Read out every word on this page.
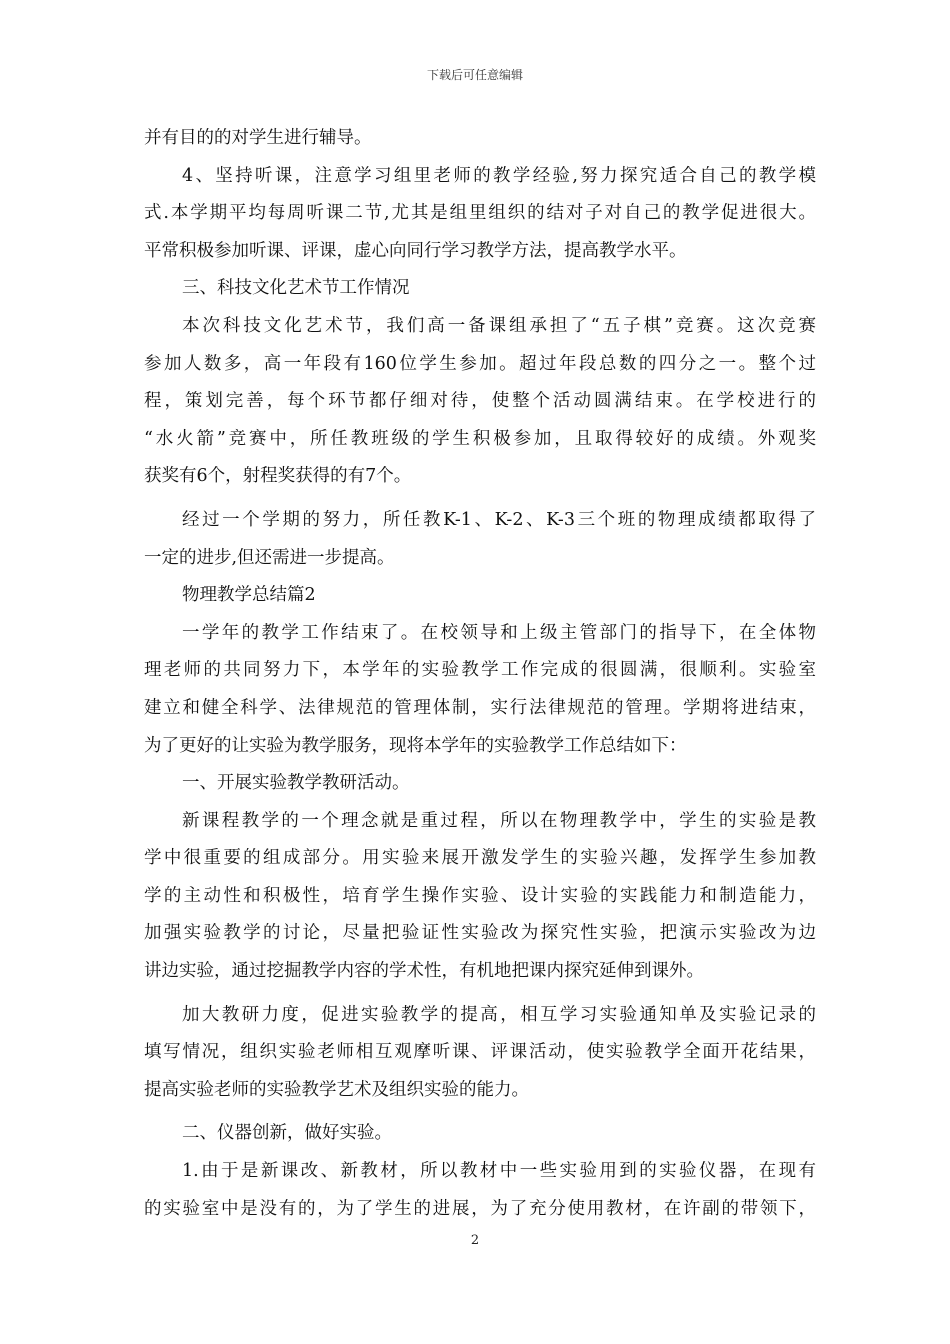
下载后可任意编辑
并有目的的对学生进行辅导。
4、坚持听课，注意学习组里老师的教学经验,努力探究适合自己的教学模
式.本学期平均每周听课二节,尤其是组里组织的结对子对自己的教学促进很大。
平常积极参加听课、评课，虚心向同行学习教学方法，提高教学水平。
三、科技文化艺术节工作情况
本次科技文化艺术节，我们高一备课组承担了“五子棋”竞赛。这次竞赛
参加人数多，高一年段有160位学生参加。超过年段总数的四分之一。整个过
程，策划完善，每个环节都仔细对待，使整个活动圆满结束。在学校进行的
“水火箭”竞赛中，所任教班级的学生积极参加，且取得较好的成绩。外观奖
获奖有6个，射程奖获得的有7个。
经过一个学期的努力，所任教K-1、K-2、K-3三个班的物理成绩都取得了
一定的进步,但还需进一步提高。
物理教学总结篇2
一学年的教学工作结束了。在校领导和上级主管部门的指导下，在全体物
理老师的共同努力下，本学年的实验教学工作完成的很圆满，很顺利。实验室
建立和健全科学、法律规范的管理体制，实行法律规范的管理。学期将进结束，
为了更好的让实验为教学服务，现将本学年的实验教学工作总结如下：
一、开展实验教学教研活动。
新课程教学的一个理念就是重过程，所以在物理教学中，学生的实验是教
学中很重要的组成部分。用实验来展开激发学生的实验兴趣，发挥学生参加教
学的主动性和积极性，培育学生操作实验、设计实验的实践能力和制造能力，
加强实验教学的讨论，尽量把验证性实验改为探究性实验，把演示实验改为边
讲边实验，通过挖掘教学内容的学术性，有机地把课内探究延伸到课外。
加大教研力度，促进实验教学的提高，相互学习实验通知单及实验记录的
填写情况，组织实验老师相互观摩听课、评课活动，使实验教学全面开花结果，
提高实验老师的实验教学艺术及组织实验的能力。
二、仪器创新，做好实验。
1.由于是新课改、新教材，所以教材中一些实验用到的实验仪器，在现有
的实验室中是没有的，为了学生的进展，为了充分使用教材，在许副的带领下，
2
